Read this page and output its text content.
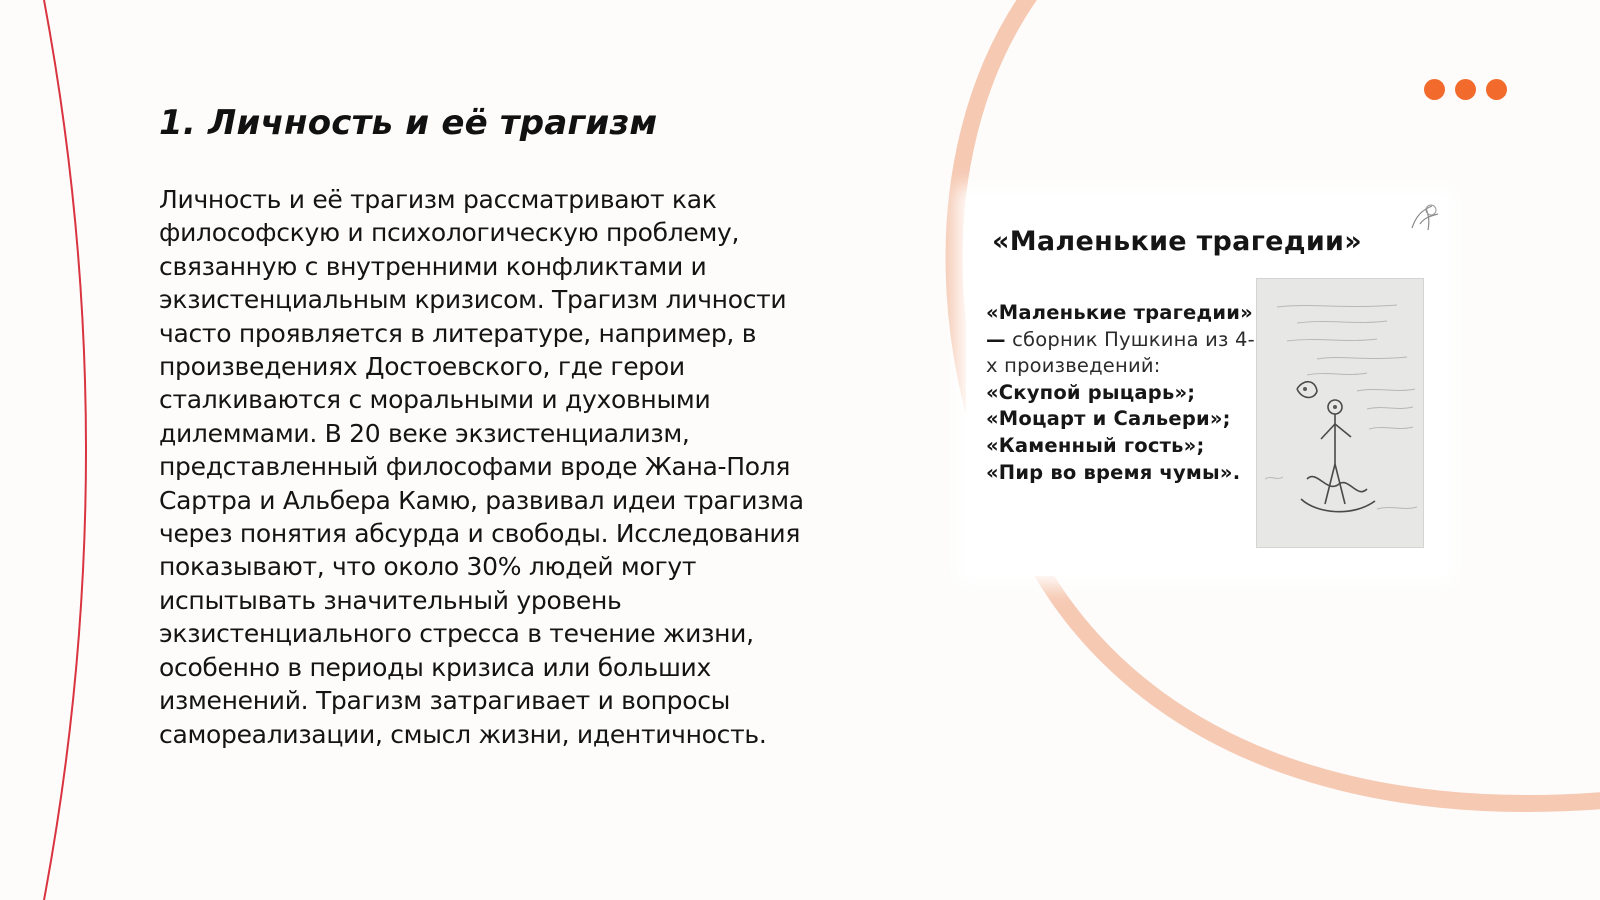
1. Личность и её трагизм

Личность и её трагизм рассматривают как философскую и психологическую проблему, связанную с внутренними конфликтами и экзистенциальным кризисом. Трагизм личности часто проявляется в литературе, например, в произведениях Достоевского, где герои сталкиваются с моральными и духовными дилеммами. В 20 веке экзистенциализм, представленный философами вроде Жана-Поля Сартра и Альбера Камю, развивал идеи трагизма через понятия абсурда и свободы. Исследования показывают, что около 30% людей могут испытывать значительный уровень экзистенциального стресса в течение жизни, особенно в периоды кризиса или больших изменений. Трагизм затрагивает и вопросы самореализации, смысл жизни, идентичность.

«Маленькие трагедии»

«Маленькие трагедии» — сборник Пушкина из 4-х произведений:
«Скупой рыцарь»;
«Моцарт и Сальери»;
«Каменный гость»;
«Пир во время чумы».
